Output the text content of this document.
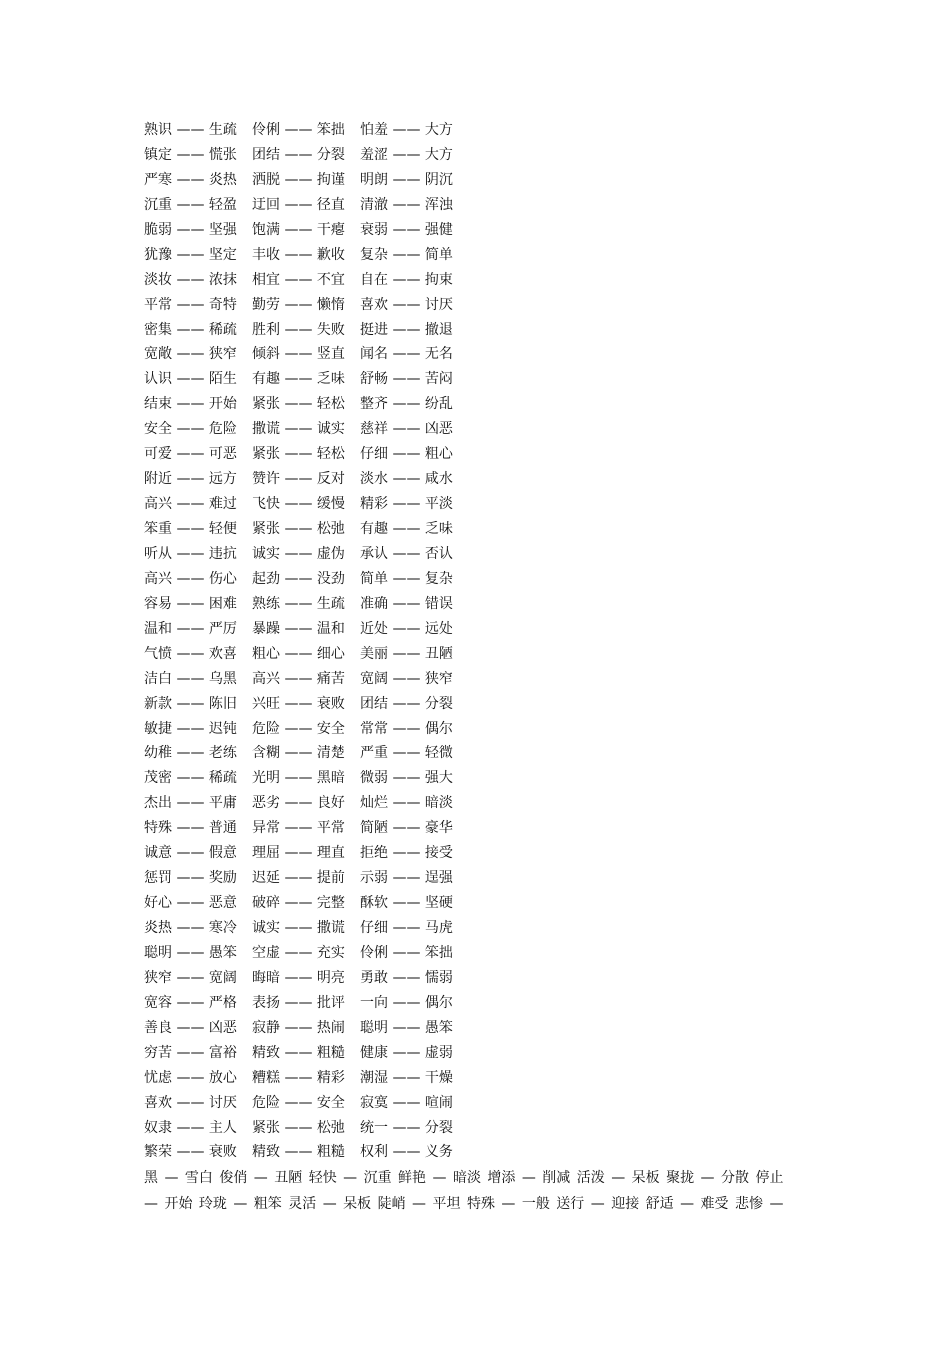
熟识 —— 生疏 伶俐 —— 笨拙 怕羞 —— 大方
镇定 —— 慌张 团结 —— 分裂 羞涩 —— 大方
严寒 —— 炎热 洒脱 —— 拘谨 明朗 —— 阴沉
沉重 —— 轻盈 迂回 —— 径直 清澈 —— 浑浊
脆弱 —— 坚强 饱满 —— 干瘪 衰弱 —— 强健
犹豫 —— 坚定 丰收 —— 歉收 复杂 —— 简单
淡妆 —— 浓抹 相宜 —— 不宜 自在 —— 拘束
平常 —— 奇特 勤劳 —— 懒惰 喜欢 —— 讨厌
密集 —— 稀疏 胜利 —— 失败 挺进 —— 撤退
宽敞 —— 狭窄 倾斜 —— 竖直 闻名 —— 无名
认识 —— 陌生 有趣 —— 乏味 舒畅 —— 苦闷
结束 —— 开始 紧张 —— 轻松 整齐 —— 纷乱
安全 —— 危险 撒谎 —— 诚实 慈祥 —— 凶恶
可爱 —— 可恶 紧张 —— 轻松 仔细 —— 粗心
附近 —— 远方 赞许 —— 反对 淡水 —— 咸水
高兴 —— 难过 飞快 —— 缓慢 精彩 —— 平淡
笨重 —— 轻便 紧张 —— 松弛 有趣 —— 乏味
听从 —— 违抗 诚实 —— 虚伪 承认 —— 否认
高兴 —— 伤心 起劲 —— 没劲 简单 —— 复杂
容易 —— 困难 熟练 —— 生疏 准确 —— 错误
温和 —— 严厉 暴躁 —— 温和 近处 —— 远处
气愤 —— 欢喜 粗心 —— 细心 美丽 —— 丑陋
洁白 —— 乌黑 高兴 —— 痛苦 宽阔 —— 狭窄
新款 —— 陈旧 兴旺 —— 衰败 团结 —— 分裂
敏捷 —— 迟钝 危险 —— 安全 常常 —— 偶尔
幼稚 —— 老练 含糊 —— 清楚 严重 —— 轻微
茂密 —— 稀疏 光明 —— 黑暗 微弱 —— 强大
杰出 —— 平庸 恶劣 —— 良好 灿烂 —— 暗淡
特殊 —— 普通 异常 —— 平常 简陋 —— 豪华
诚意 —— 假意 理屈 —— 理直 拒绝 —— 接受
惩罚 —— 奖励 迟延 —— 提前 示弱 —— 逞强
好心 —— 恶意 破碎 —— 完整 酥软 —— 坚硬
炎热 —— 寒冷 诚实 —— 撒谎 仔细 —— 马虎
聪明 —— 愚笨 空虚 —— 充实 伶俐 —— 笨拙
狭窄 —— 宽阔 晦暗 —— 明亮 勇敢 —— 懦弱
宽容 —— 严格 表扬 —— 批评 一向 —— 偶尔
善良 —— 凶恶 寂静 —— 热闹 聪明 —— 愚笨
穷苦 —— 富裕 精致 —— 粗糙 健康 —— 虚弱
忧虑 —— 放心 糟糕 —— 精彩 潮湿 —— 干燥
喜欢 —— 讨厌 危险 —— 安全 寂寞 —— 喧闹
奴隶 —— 主人 紧张 —— 松弛 统一 —— 分裂
繁荣 —— 衰败 精致 —— 粗糙 权利 —— 义务

黑 — 雪白 俊俏 — 丑陋 轻快 — 沉重 鲜艳 — 暗淡 增添 — 削减 活泼 — 呆板 聚拢 — 分散 停止

— 开始 玲珑 — 粗笨 灵活 — 呆板 陡峭 — 平坦 特殊 — 一般 送行 — 迎接 舒适 — 难受 悲惨 —
